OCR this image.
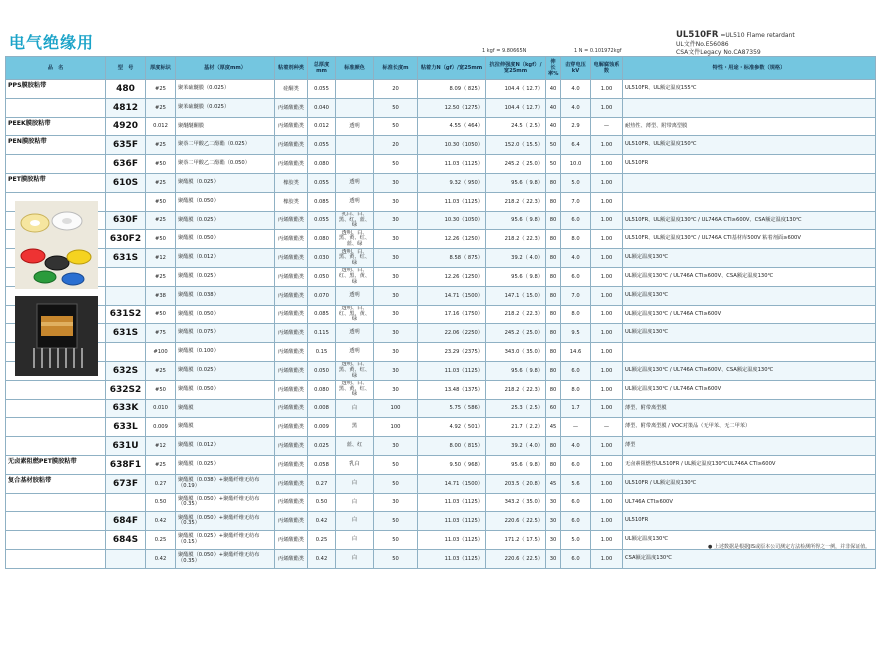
电气绝缘用	UL510FR =UL510 Flame retardant
UL文件No.E56086
CSA文件Legacy No.CA87359
1 kgf = 9.80665N	1 N = 0.101972kgf
品　名	型　号	厚度标识	基材（厚度mm）	粘着剂种类	总厚度mm	标准颜色	标准长度m	粘着力N（gf）/宽25mm	抗拉伸强度N（kgf）/宽25mm	伸长率%	击穿电压kV	电解腐蚀系数	特性・用途・标准参数（规格）
PPS膜胶粘带	480	#25	聚苯硫醚膜（0.025）	硅酮类	0.055		20	8.09（ 825）	104.4（ 12.7）	40	4.0	1.00	UL510FR、UL额定温度155℃
	4812	#25	聚苯硫醚膜（0.025）	丙烯酸酯类	0.040		50	12.50（1275）	104.4（ 12.7）	40	4.0	1.00	
PEEK膜胶粘带	4920	0.012	聚醚醚酮膜	丙烯酸酯类	0.012	透明	50	4.55（ 464）	24.5（ 2.5）	40	2.9	—	耐热性、薄型、附带离型膜
PEN膜胶粘带	635F	#25	聚萘二甲酸乙二醇酯（0.025）	丙烯酸酯类	0.055		20	10.30（1050）	152.0（ 15.5）	50	6.4	1.00	UL510FR、UL额定温度150℃
	636F	#50	聚萘二甲酸乙二醇酯（0.050）	丙烯酸酯类	0.080		50	11.03（1125）	245.2（ 25.0）	50	10.0	1.00	UL510FR
PET膜胶粘带	610S	#25	聚酯膜（0.025）	橡胶类	0.055	透明	30	9.32（ 950）	95.6（ 9.8）	80	5.0	1.00	
		#50	聚酯膜（0.050）	橡胶类	0.085	透明	30	11.03（1125）	218.2（ 22.3）	80	7.0	1.00	
	630F	#25	聚酯膜（0.025）	丙烯酸酯类	0.055	乳白、白、黑、红、蓝、绿	30	10.30（1050）	95.6（ 9.8）	80	6.0	1.00	UL510FR、UL额定温度130℃ / UL746A CTI≥600V、CSA额定温度130℃
	630F2	#50	聚酯膜（0.050）	丙烯酸酯类	0.080	透明、白、黑、黄、红、蓝、绿	30	12.26（1250）	218.2（ 22.3）	80	8.0	1.00	UL510FR、UL额定温度130℃ / UL746A CTI基材库500V 粘着剂面≥600V
	631S	#12	聚酯膜（0.012）	丙烯酸酯类	0.030	透明、白、黑、黄、红、绿	30	8.58（ 875）	39.2（ 4.0）	80	4.0	1.00	UL额定温度130℃
		#25	聚酯膜（0.025）	丙烯酸酯类	0.050	透明、白、红、黑、黄、绿	30	12.26（1250）	95.6（ 9.8）	80	6.0	1.00	UL额定温度130℃ / UL746A CTI≥600V、CSA额定温度130℃
		#38	聚酯膜（0.038）	丙烯酸酯类	0.070	透明	30	14.71（1500）	147.1（ 15.0）	80	7.0	1.00	UL额定温度130℃
	631S2	#50	聚酯膜（0.050）	丙烯酸酯类	0.085	透明、白、红、黑、黄、绿	30	17.16（1750）	218.2（ 22.3）	80	8.0	1.00	UL额定温度130℃ / UL746A CTI≥600V
	631S	#75	聚酯膜（0.075）	丙烯酸酯类	0.115	透明	30	22.06（2250）	245.2（ 25.0）	80	9.5	1.00	UL额定温度130℃
		#100	聚酯膜（0.100）	丙烯酸酯类	0.15	透明	30	23.29（2375）	343.0（ 35.0）	80	14.6	1.00	
	632S	#25	聚酯膜（0.025）	丙烯酸酯类	0.050	透明、白、黑、黄、红、绿	30	11.03（1125）	95.6（ 9.8）	80	6.0	1.00	UL额定温度130℃ / UL746A CTI≥600V、CSA额定温度130℃
	632S2	#50	聚酯膜（0.050）	丙烯酸酯类	0.080	透明、白、黑、黄、红、绿	30	13.48（1375）	218.2（ 22.3）	80	8.0	1.00	UL额定温度130℃ / UL746A CTI≥600V
	633K	0.010	聚酯膜	丙烯酸酯类	0.008	白	100	5.75（ 586）	25.3（ 2.5）	60	1.7	1.00	薄型、附带离型膜
	633L	0.009	聚酯膜	丙烯酸酯类	0.009	黑	100	4.92（ 501）	21.7（ 2.2）	45	—	—	薄型、附带离型膜 / VOC对策品（无甲苯、无二甲苯）
	631U	#12	聚酯膜（0.012）	丙烯酸酯类	0.025	蓝、红	30	8.00（ 815）	39.2（ 4.0）	80	4.0	1.00	薄型
无卤素阻燃PET膜胶粘带	638F1	#25	聚酯膜（0.025）	丙烯酸酯类	0.058	乳白	50	9.50（ 968）	95.6（ 9.8）	80	6.0	1.00	无卤素阻燃性UL510FR / UL额定温度130℃UL746A CTI≥600V
复合基材胶粘带	673F	0.27	聚酯膜（0.038）+聚酯纤维无纺布（0.19）	丙烯酸酯类	0.27	白	50	14.71（1500）	203.5（ 20.8）	45	5.6	1.00	UL510FR / UL额定温度130℃
		0.50	聚酯膜（0.050）+聚酯纤维无纺布（0.35）	丙烯酸酯类	0.50	白	30	11.03（1125）	343.2（ 35.0）	30	6.0	1.00	UL746A CTI≥600V
	684F	0.42	聚酯膜（0.050）+聚酯纤维无纺布（0.35）	丙烯酸酯类	0.42	白	50	11.03（1125）	220.6（ 22.5）	30	6.0	1.00	UL510FR
	684S	0.25	聚酯膜（0.025）+聚酯纤维无纺布（0.15）	丙烯酸酯类	0.25	白	50	11.03（1125）	171.2（ 17.5）	30	5.0	1.00	UL额定温度130℃
		0.42	聚酯膜（0.050）+聚酯纤维无纺布（0.35）	丙烯酸酯类	0.42	白	50	11.03（1125）	220.6（ 22.5）	30	6.0	1.00	CSA额定温度130℃
● 上述数据是根据JIS或原本公司测定方法检测所得之一例，并非保证值。
